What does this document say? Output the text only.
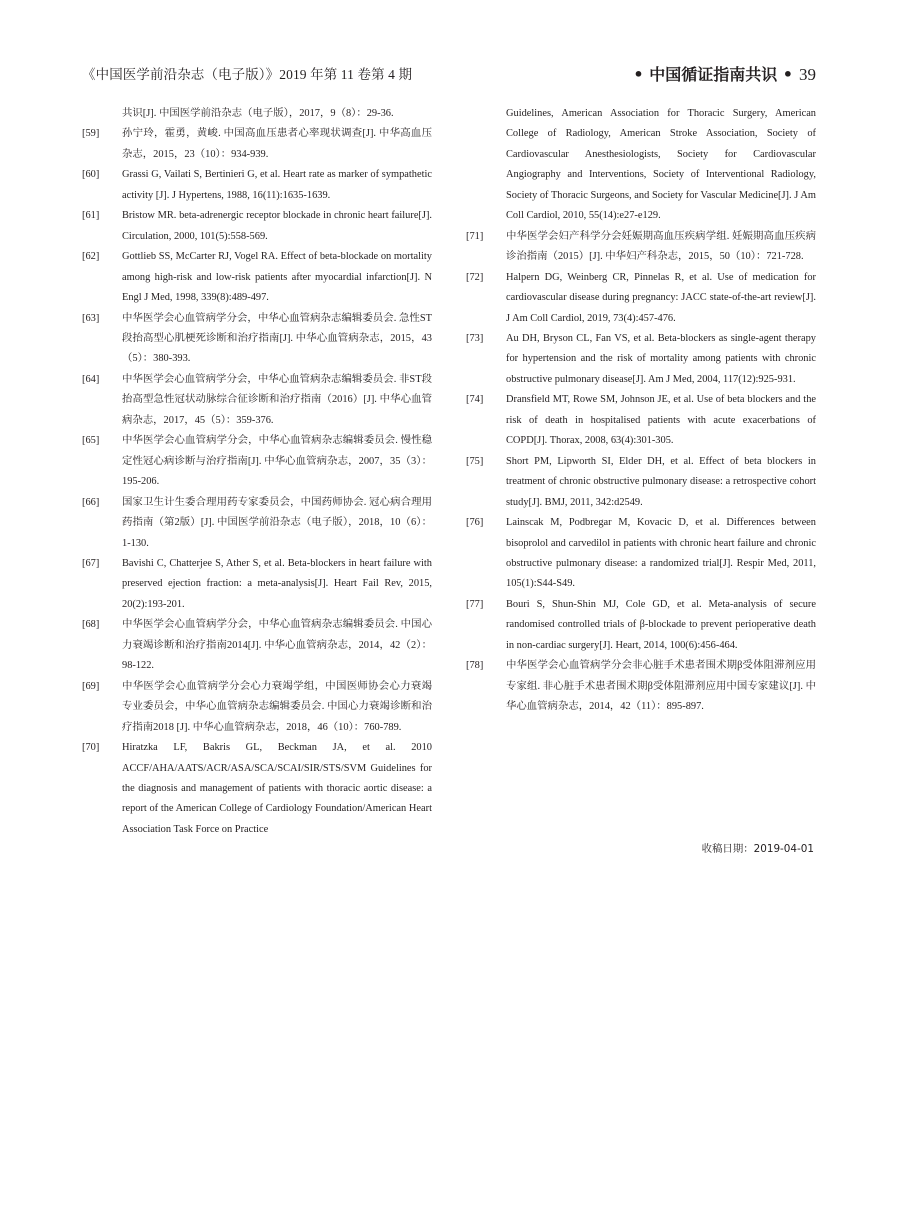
《中国医学前沿杂志（电子版）》2019 年第 11 卷第 4 期	• 中国循证指南共识 • 39
共识[J]. 中国医学前沿杂志（电子版），2017，9（8）：29-36.
[59]	孙宁玲，霍勇，黄峻. 中国高血压患者心率现状调查[J]. 中华高血压杂志，2015，23（10）：934-939.
[60]	Grassi G, Vailati S, Bertinieri G, et al. Heart rate as marker of sympathetic activity [J]. J Hypertens, 1988, 16(11):1635-1639.
[61]	Bristow MR. beta-adrenergic receptor blockade in chronic heart failure[J]. Circulation, 2000, 101(5):558-569.
[62]	Gottlieb SS, McCarter RJ, Vogel RA. Effect of beta-blockade on mortality among high-risk and low-risk patients after myocardial infarction[J]. N Engl J Med, 1998, 339(8):489-497.
[63]	中华医学会心血管病学分会，中华心血管病杂志编辑委员会. 急性ST段抬高型心肌梗死诊断和治疗指南[J]. 中华心血管病杂志，2015，43（5）：380-393.
[64]	中华医学会心血管病学分会，中华心血管病杂志编辑委员会. 非ST段抬高型急性冠状动脉综合征诊断和治疗指南（2016）[J]. 中华心血管病杂志，2017，45（5）：359-376.
[65]	中华医学会心血管病学分会，中华心血管病杂志编辑委员会. 慢性稳定性冠心病诊断与治疗指南[J]. 中华心血管病杂志，2007，35（3）：195-206.
[66]	国家卫生计生委合理用药专家委员会，中国药师协会. 冠心病合理用药指南（第2版）[J]. 中国医学前沿杂志（电子版），2018，10（6）：1-130.
[67]	Bavishi C, Chatterjee S, Ather S, et al. Beta-blockers in heart failure with preserved ejection fraction: a meta-analysis[J]. Heart Fail Rev, 2015, 20(2):193-201.
[68]	中华医学会心血管病学分会，中华心血管病杂志编辑委员会. 中国心力衰竭诊断和治疗指南2014[J]. 中华心血管病杂志，2014，42（2）：98-122.
[69]	中华医学会心血管病学分会心力衰竭学组，中国医师协会心力衰竭专业委员会，中华心血管病杂志编辑委员会. 中国心力衰竭诊断和治疗指南2018 [J]. 中华心血管病杂志，2018，46（10）：760-789.
[70]	Hiratzka LF, Bakris GL, Beckman JA, et al. 2010 ACCF/AHA/AATS/ACR/ASA/SCA/SCAI/SIR/STS/SVM Guidelines for the diagnosis and management of patients with thoracic aortic disease: a report of the American College of Cardiology Foundation/American Heart Association Task Force on Practice
Guidelines, American Association for Thoracic Surgery, American College of Radiology, American Stroke Association, Society of Cardiovascular Anesthesiologists, Society for Cardiovascular Angiography and Interventions, Society of Interventional Radiology, Society of Thoracic Surgeons, and Society for Vascular Medicine[J]. J Am Coll Cardiol, 2010, 55(14):e27-e129.
[71]	中华医学会妇产科学分会妊娠期高血压疾病学组. 妊娠期高血压疾病诊治指南（2015）[J]. 中华妇产科杂志，2015，50（10）：721-728.
[72]	Halpern DG, Weinberg CR, Pinnelas R, et al. Use of medication for cardiovascular disease during pregnancy: JACC state-of-the-art review[J]. J Am Coll Cardiol, 2019, 73(4):457-476.
[73]	Au DH, Bryson CL, Fan VS, et al. Beta-blockers as single-agent therapy for hypertension and the risk of mortality among patients with chronic obstructive pulmonary disease[J]. Am J Med, 2004, 117(12):925-931.
[74]	Dransfield MT, Rowe SM, Johnson JE, et al. Use of beta blockers and the risk of death in hospitalised patients with acute exacerbations of COPD[J]. Thorax, 2008, 63(4):301-305.
[75]	Short PM, Lipworth SI, Elder DH, et al. Effect of beta blockers in treatment of chronic obstructive pulmonary disease: a retrospective cohort study[J]. BMJ, 2011, 342:d2549.
[76]	Lainscak M, Podbregar M, Kovacic D, et al. Differences between bisoprolol and carvedilol in patients with chronic heart failure and chronic obstructive pulmonary disease: a randomized trial[J]. Respir Med, 2011, 105(1):S44-S49.
[77]	Bouri S, Shun-Shin MJ, Cole GD, et al. Meta-analysis of secure randomised controlled trials of β-blockade to prevent perioperative death in non-cardiac surgery[J]. Heart, 2014, 100(6):456-464.
[78]	中华医学会心血管病学分会非心脏手术患者围术期β受体阻滞剂应用专家组. 非心脏手术患者围术期β受体阻滞剂应用中国专家建议[J]. 中华心血管病杂志，2014，42（11）：895-897.
收稿日期：2019-04-01
